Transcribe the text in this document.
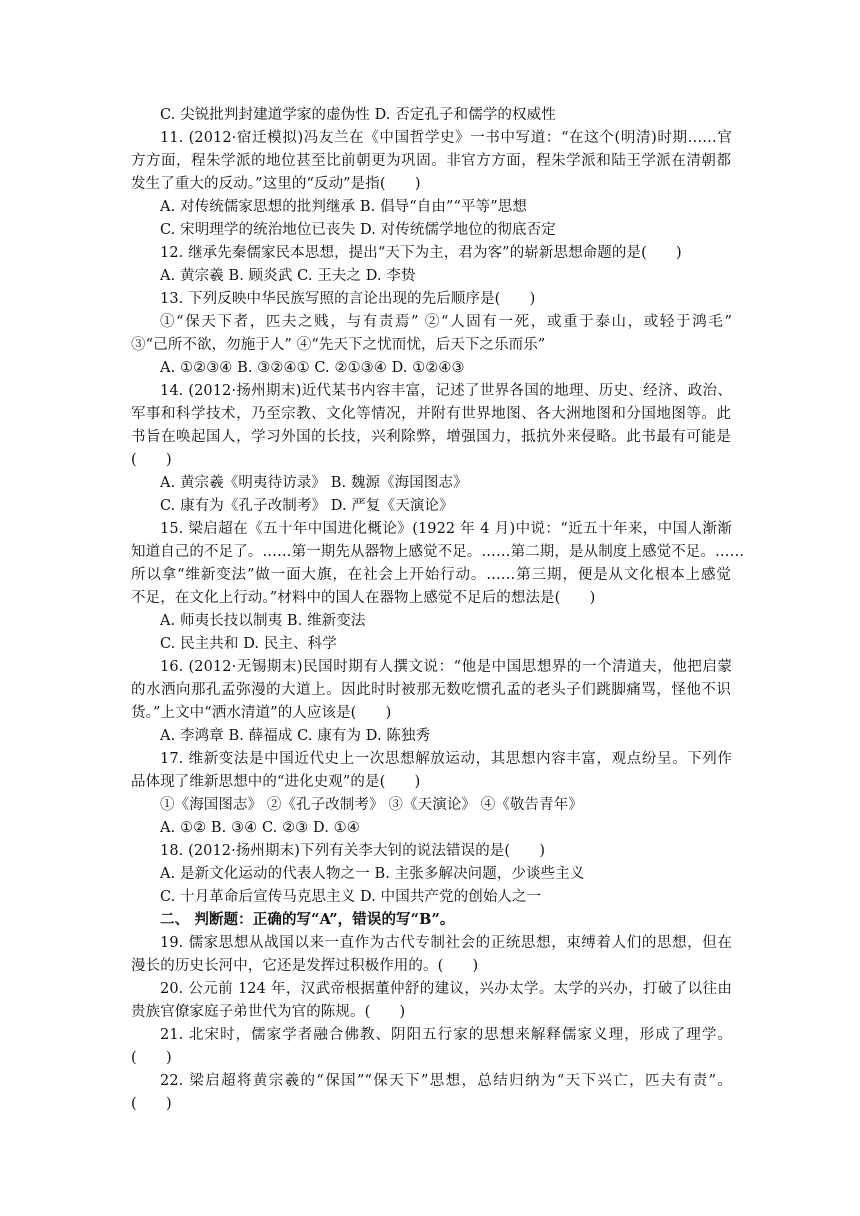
C. 尖锐批判封建道学家的虚伪性 D. 否定孔子和儒学的权威性
11. (2012·宿迁模拟)冯友兰在《中国哲学史》一书中写道：“在这个(明清)时期……官
方方面，程朱学派的地位甚至比前朝更为巩固。非官方方面，程朱学派和陆王学派在清朝都
发生了重大的反动。”这里的“反动”是指(　　)
A. 对传统儒家思想的批判继承 B. 倡导“自由”“平等”思想
C. 宋明理学的统治地位已丧失 D. 对传统儒学地位的彻底否定
12. 继承先秦儒家民本思想，提出“天下为主，君为客”的崭新思想命题的是(　　)
A. 黄宗羲 B. 顾炎武 C. 王夫之 D. 李贽
13. 下列反映中华民族写照的言论出现的先后顺序是(　　)
①“保天下者，匹夫之贱，与有责焉” ②“人固有一死，或重于泰山，或轻于鸿毛”
③“己所不欲，勿施于人” ④“先天下之忧而忧，后天下之乐而乐”
A. ①②③④ B. ③②④① C. ②①③④ D. ①②④③
14. (2012·扬州期末)近代某书内容丰富，记述了世界各国的地理、历史、经济、政治、
军事和科学技术，乃至宗教、文化等情况，并附有世界地图、各大洲地图和分国地图等。此
书旨在唤起国人，学习外国的长技，兴利除弊，增强国力，抵抗外来侵略。此书最有可能是
(　　)
A. 黄宗羲《明夷待访录》 B. 魏源《海国图志》
C. 康有为《孔子改制考》 D. 严复《天演论》
15. 梁启超在《五十年中国进化概论》(1922 年 4 月)中说：“近五十年来，中国人渐渐
知道自己的不足了。……第一期先从器物上感觉不足。……第二期，是从制度上感觉不足。……
所以拿“维新变法”做一面大旗，在社会上开始行动。……第三期，便是从文化根本上感觉
不足，在文化上行动。”材料中的国人在器物上感觉不足后的想法是(　　)
A. 师夷长技以制夷 B. 维新变法
C. 民主共和 D. 民主、科学
16. (2012·无锡期末)民国时期有人撰文说：“他是中国思想界的一个清道夫，他把启蒙
的水洒向那孔孟弥漫的大道上。因此时时被那无数吃惯孔孟的老头子们跳脚痛骂，怪他不识
货。”上文中“洒水清道”的人应该是(　　)
A. 李鸿章 B. 薛福成 C. 康有为 D. 陈独秀
17. 维新变法是中国近代史上一次思想解放运动，其思想内容丰富，观点纷呈。下列作
品体现了维新思想中的“进化史观”的是(　　)
①《海国图志》 ②《孔子改制考》 ③《天演论》 ④《敬告青年》
A. ①② B. ③④ C. ②③ D. ①④
18. (2012·扬州期末)下列有关李大钊的说法错误的是(　　)
A. 是新文化运动的代表人物之一 B. 主张多解决问题，少谈些主义
C. 十月革命后宣传马克思主义 D. 中国共产党的创始人之一
二、 判断题：正确的写“A”，错误的写“B”。
19. 儒家思想从战国以来一直作为古代专制社会的正统思想，束缚着人们的思想，但在
漫长的历史长河中，它还是发挥过积极作用的。(　　)
20. 公元前 124 年，汉武帝根据董仲舒的建议，兴办太学。太学的兴办，打破了以往由
贵族官僚家庭子弟世代为官的陈规。(　　)
21. 北宋时，儒家学者融合佛教、阴阳五行家的思想来解释儒家义理，形成了理学。
(　　)
22. 梁启超将黄宗羲的“保国”“保天下”思想，总结归纳为“天下兴亡，匹夫有责”。
(　　)
